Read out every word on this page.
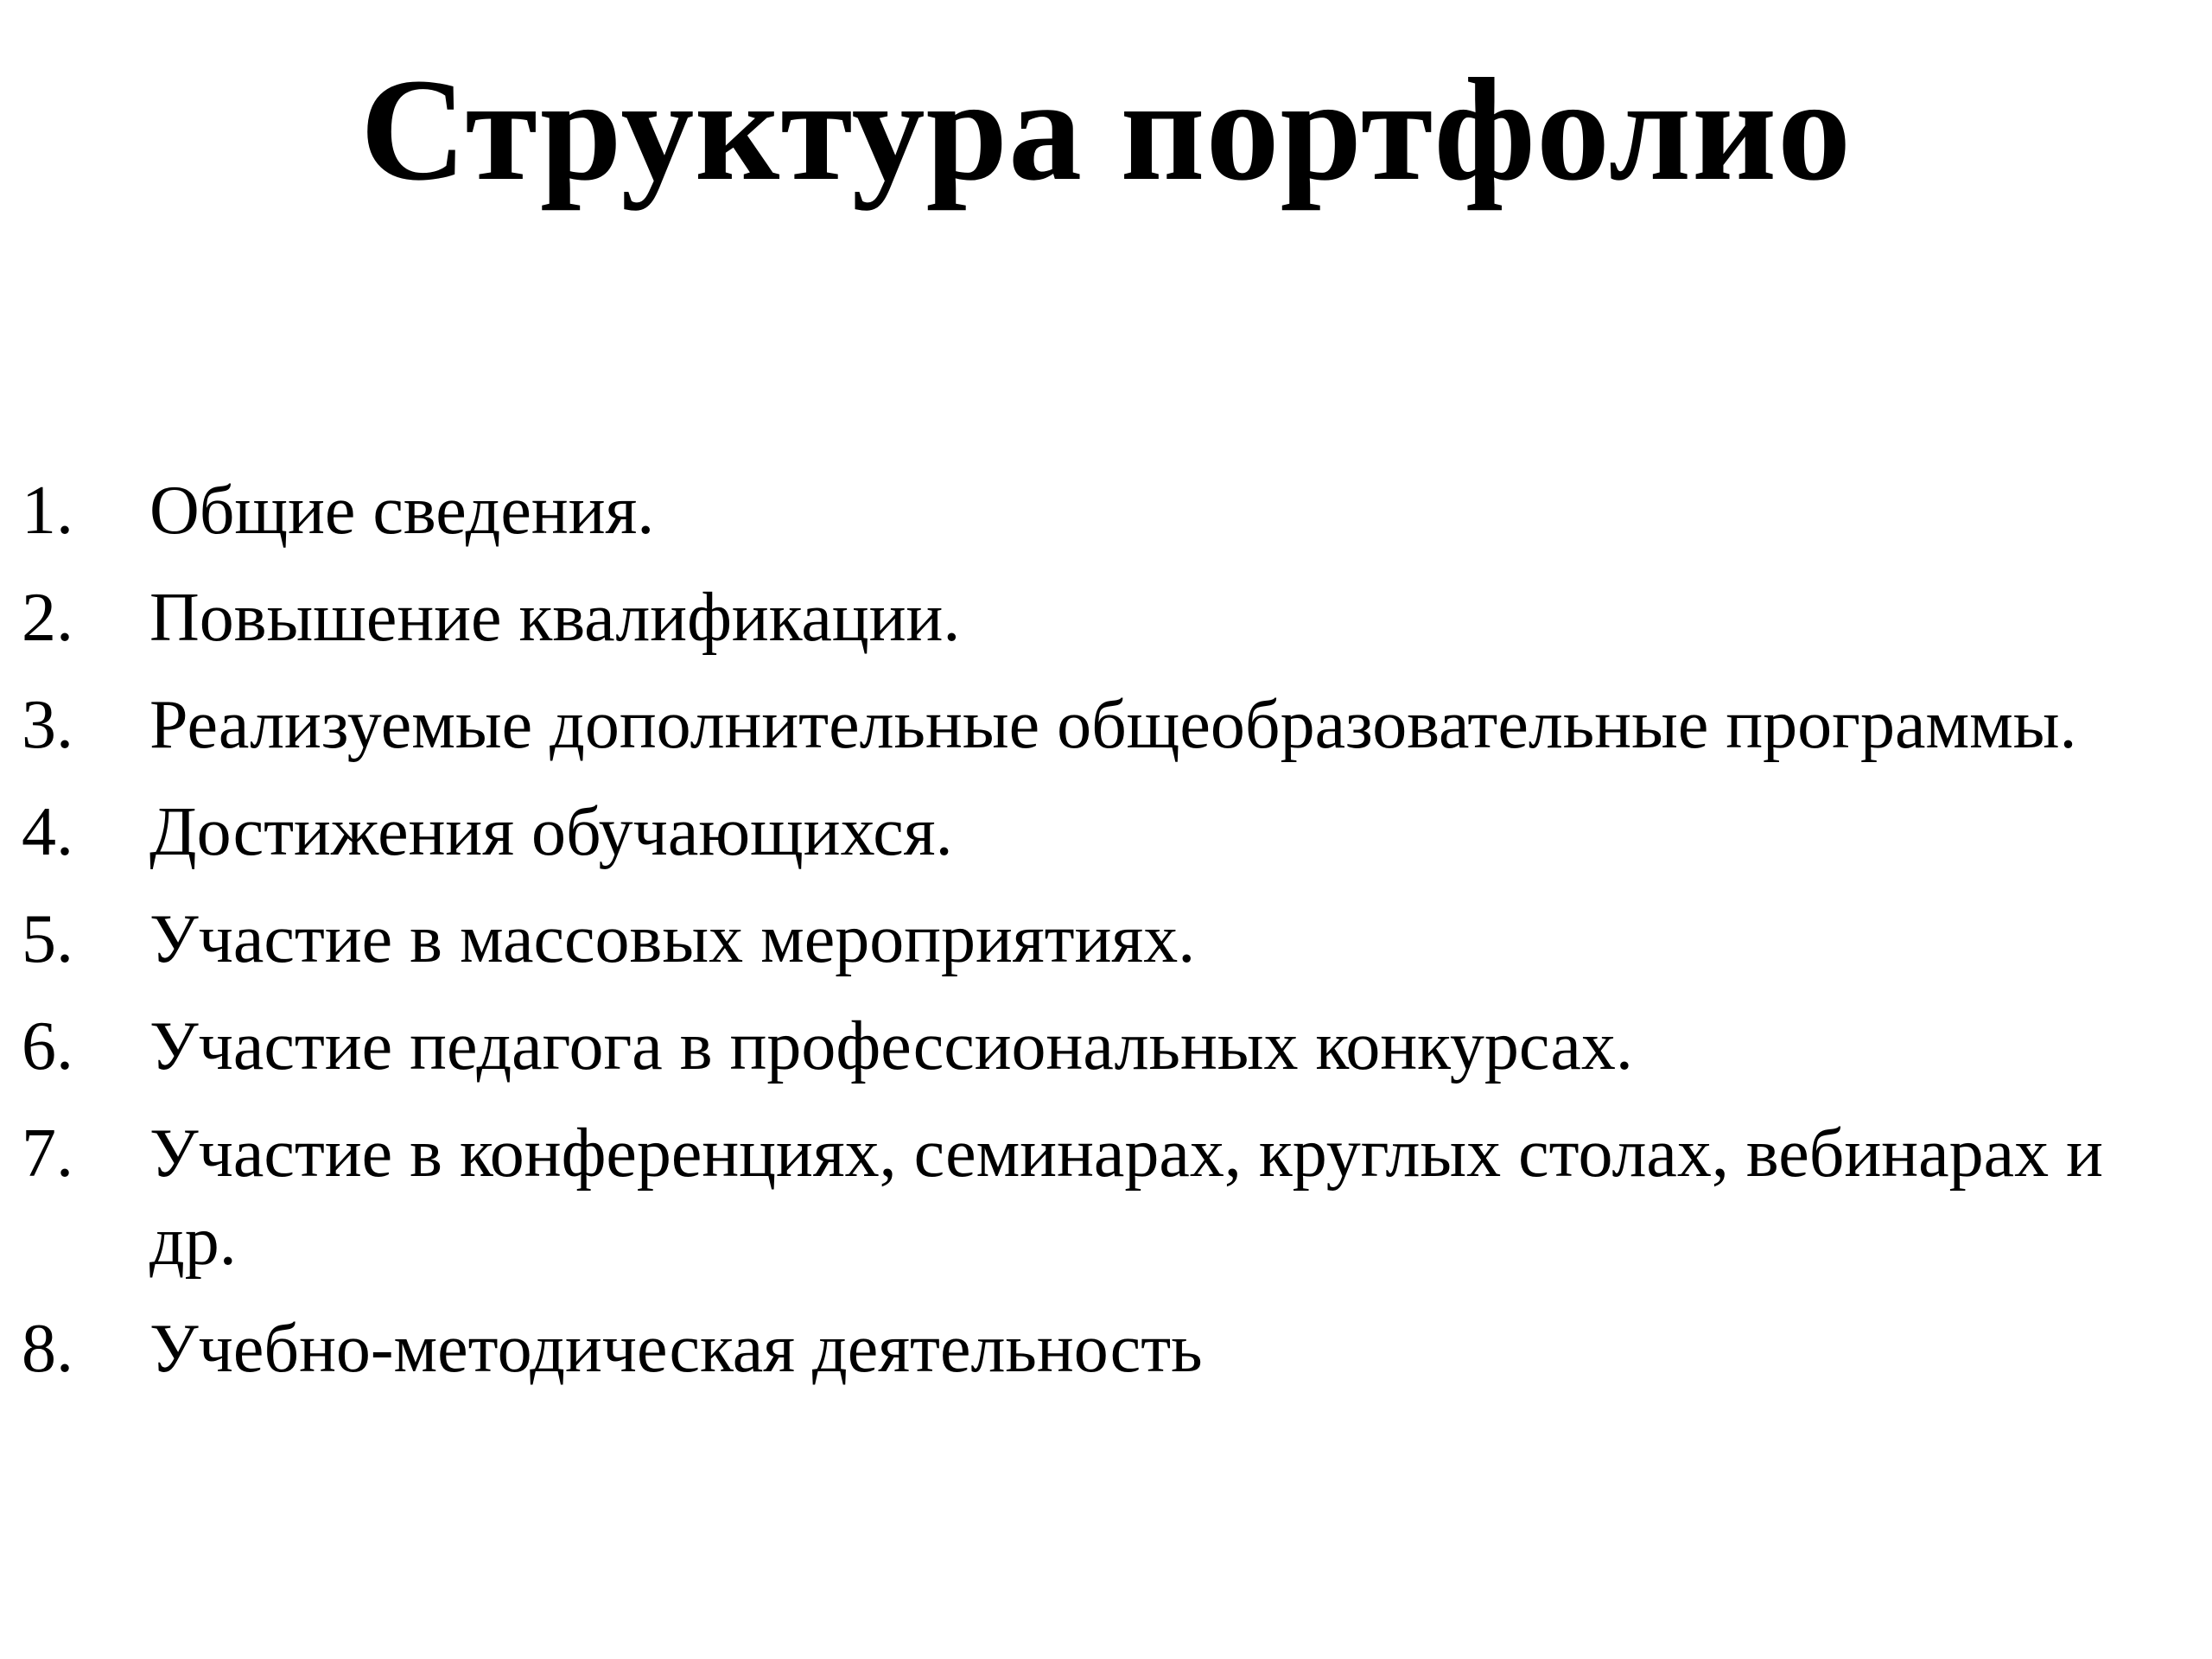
Структура портфолио
1.	Общие сведения.
2.	Повышение квалификации.
3.	Реализуемые дополнительные общеобразовательные программы.
4.	Достижения обучающихся.
5.	Участие в массовых мероприятиях.
6.	Участие педагога в профессиональных конкурсах.
7.	Участие в конференциях, семинарах, круглых столах, вебинарах и др.
8.	Учебно-методическая деятельность
